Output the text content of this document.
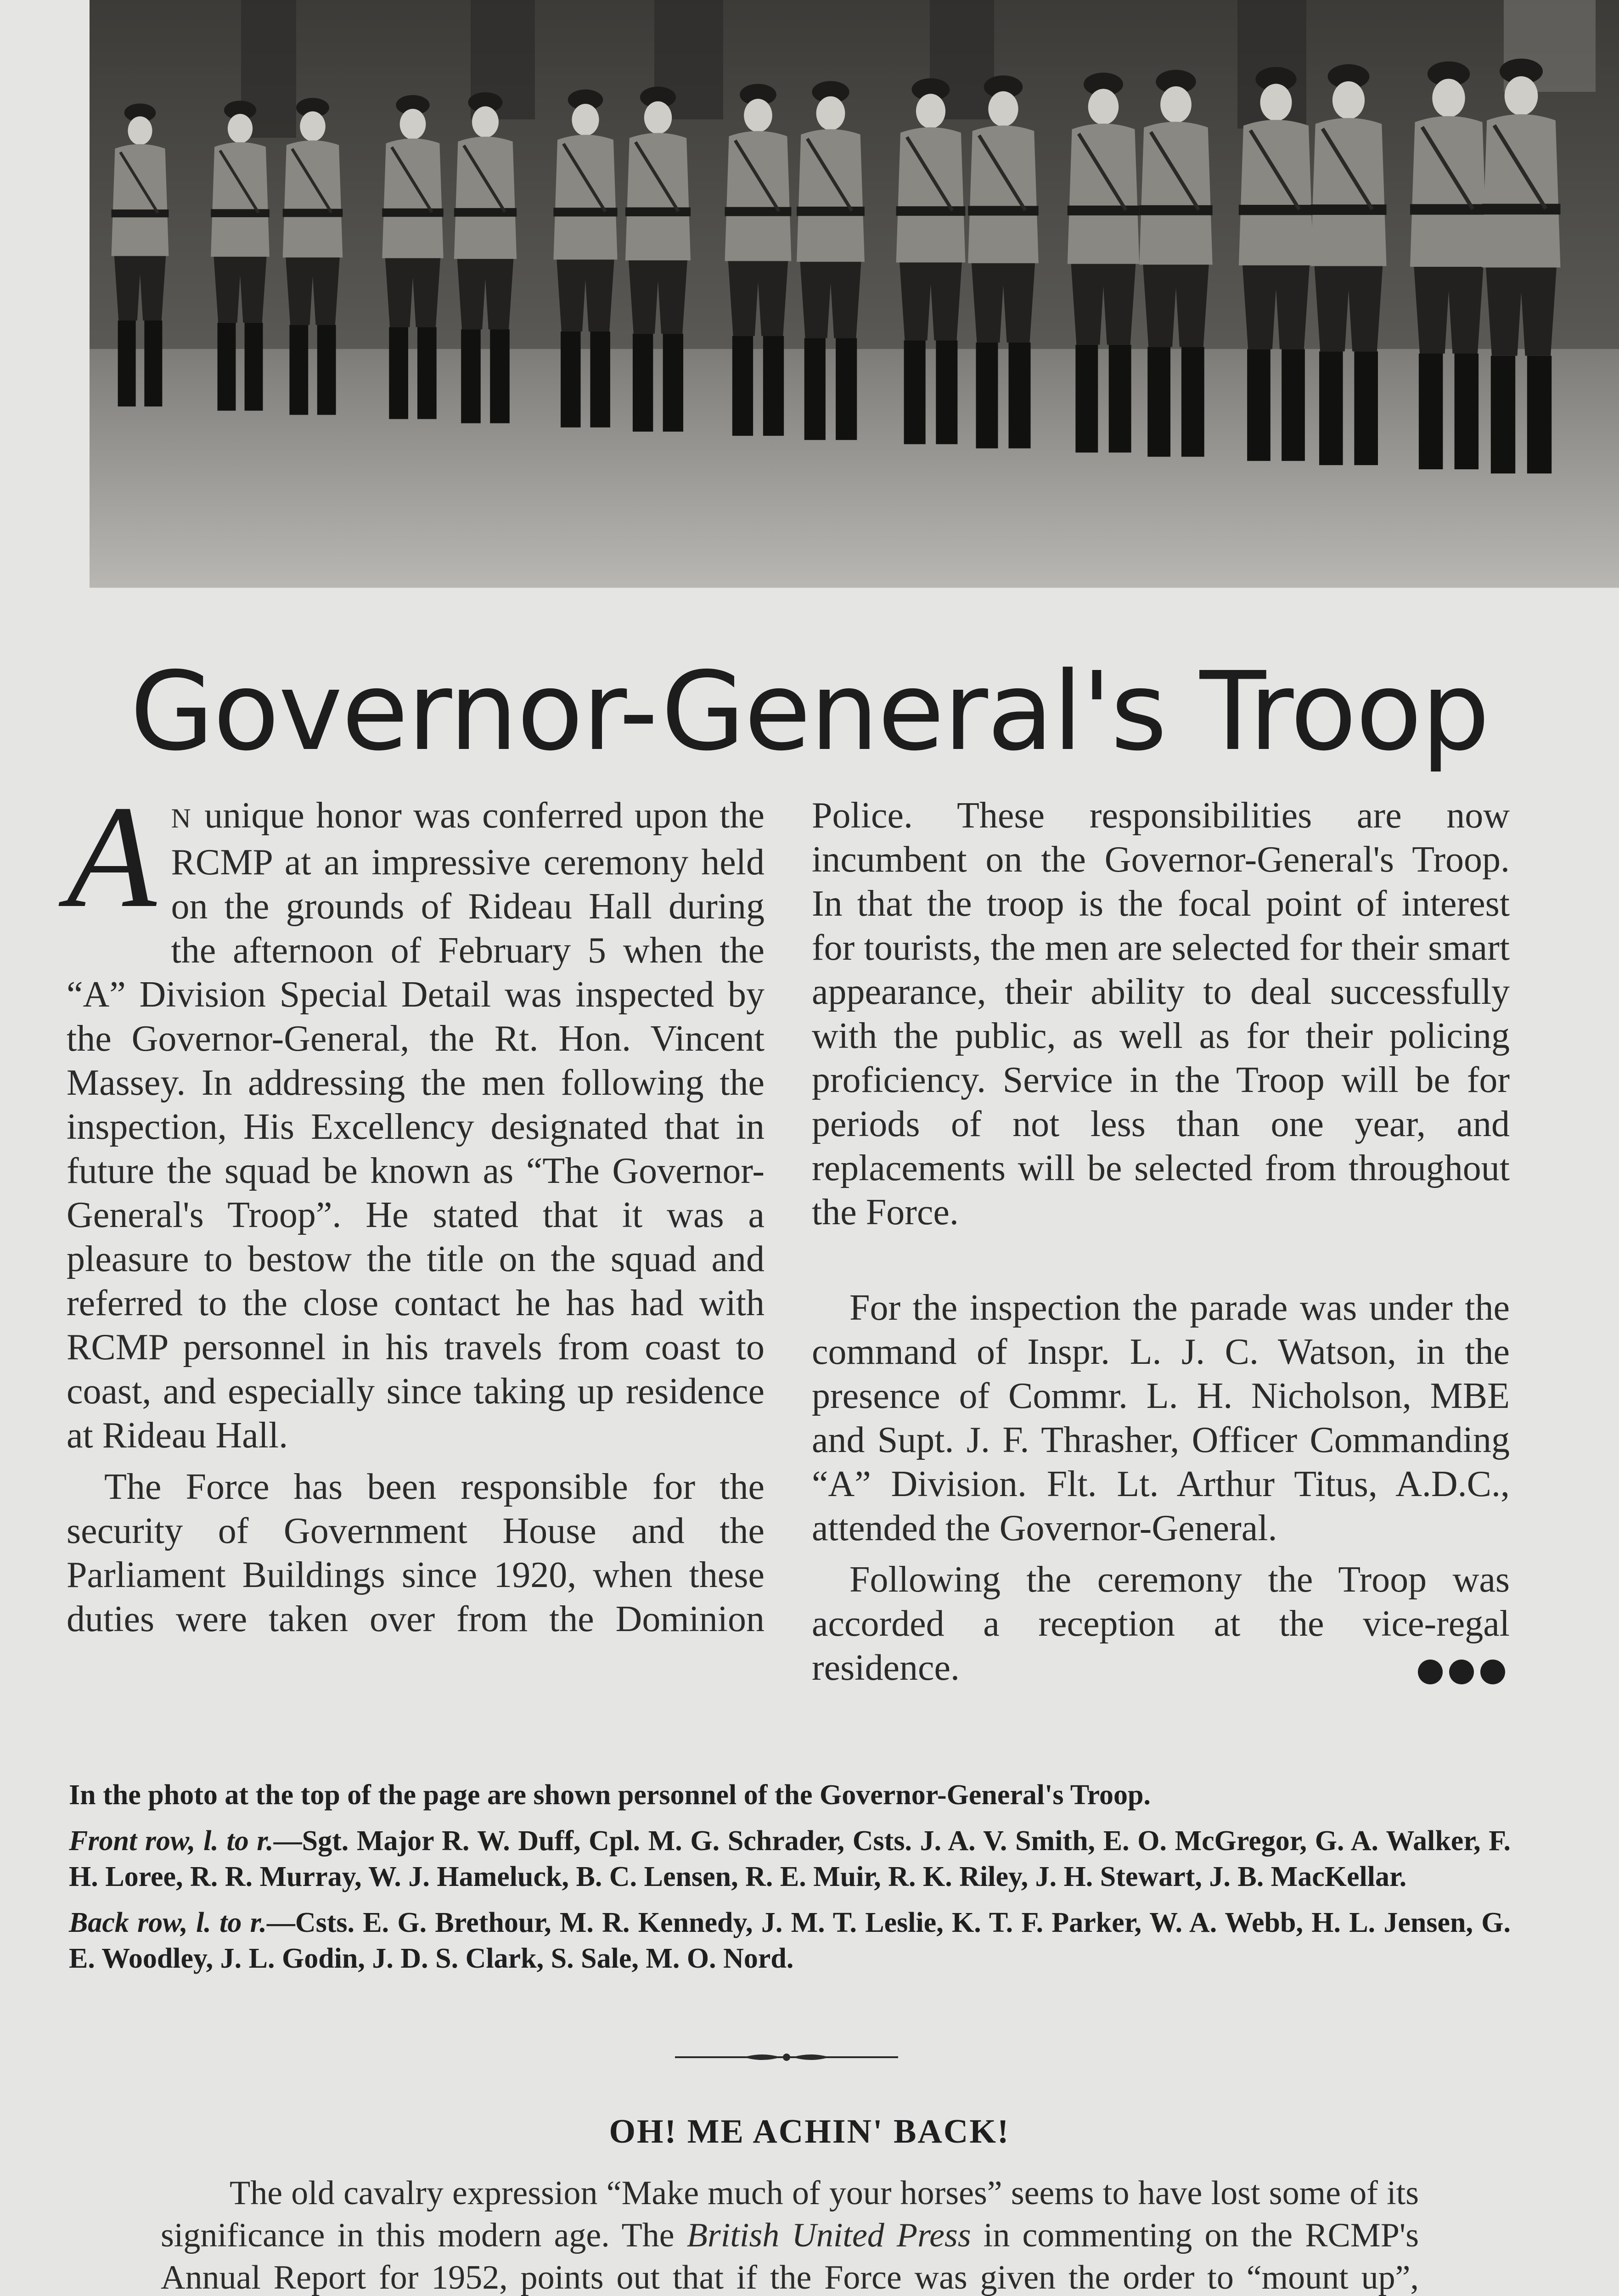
Governor-General's Troop

A N unique honor was conferred upon the RCMP at an impressive ceremony held on the grounds of Rideau Hall during the afternoon of February 5 when the “A” Division Special Detail was inspected by the Governor-General, the Rt. Hon. Vincent Massey. In addressing the men following the inspection, His Excellency designated that in future the squad be known as “The Governor-General's Troop”. He stated that it was a pleasure to bestow the title on the squad and referred to the close contact he has had with RCMP personnel in his travels from coast to coast, and especially since taking up residence at Rideau Hall.

The Force has been responsible for the security of Government House and the Parliament Buildings since 1920, when these duties were taken over from the Dominion

Police. These responsibilities are now incumbent on the Governor-General's Troop. In that the troop is the focal point of interest for tourists, the men are selected for their smart appearance, their ability to deal successfully with the public, as well as for their policing proficiency. Service in the Troop will be for periods of not less than one year, and replacements will be selected from throughout the Force.

For the inspection the parade was under the command of Inspr. L. J. C. Watson, in the presence of Commr. L. H. Nicholson, MBE and Supt. J. F. Thrasher, Officer Commanding “A” Division. Flt. Lt. Arthur Titus, A.D.C., attended the Governor-General.

Following the ceremony the Troop was accorded a reception at the vice-regal residence.

In the photo at the top of the page are shown personnel of the Governor-General's Troop.

Front row, l. to r.—Sgt. Major R. W. Duff, Cpl. M. G. Schrader, Csts. J. A. V. Smith, E. O. McGregor, G. A. Walker, F. H. Loree, R. R. Murray, W. J. Hameluck, B. C. Lensen, R. E. Muir, R. K. Riley, J. H. Stewart, J. B. MacKellar.

Back row, l. to r.—Csts. E. G. Brethour, M. R. Kennedy, J. M. T. Leslie, K. T. F. Parker, W. A. Webb, H. L. Jensen, G. E. Woodley, J. L. Godin, J. D. S. Clark, S. Sale, M. O. Nord.

OH! ME ACHIN' BACK!

The old cavalry expression “Make much of your horses” seems to have lost some of its significance in this modern age. The British United Press in commenting on the RCMP's Annual Report for 1952, points out that if the Force was given the order to “mount up”,
